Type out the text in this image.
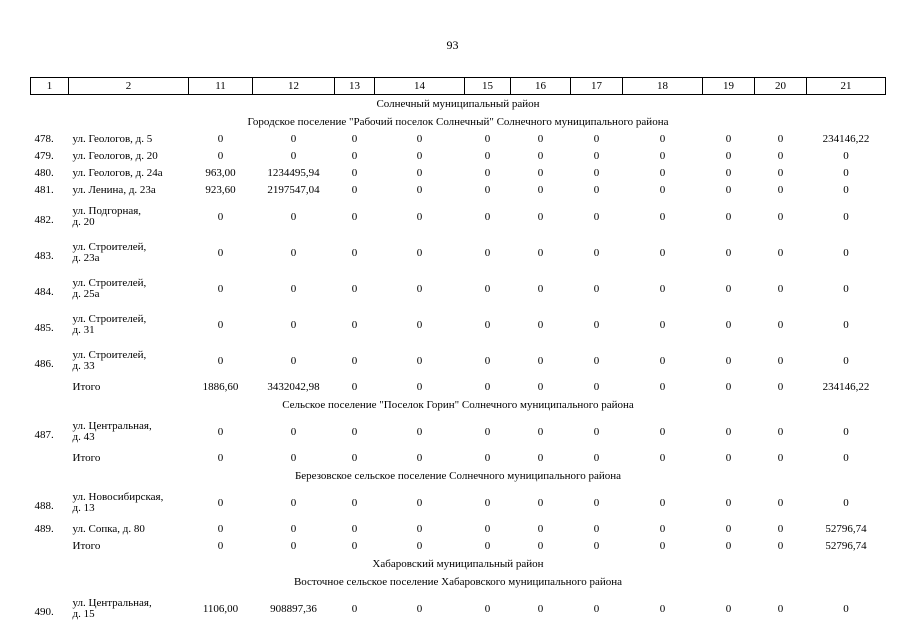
93
1	2	11	12	13	14	15	16	17	18	19	20	21
Солнечный муниципальный район												
Городское поселение "Рабочий поселок Солнечный" Солнечного муниципального района												
478.	ул. Геологов, д. 5	0	0	0	0	0	0	0	0	0	0	234146,22
479.	ул. Геологов, д. 20	0	0	0	0	0	0	0	0	0	0	0
480.	ул. Геологов, д. 24а	963,00	1234495,94	0	0	0	0	0	0	0	0	0
481.	ул. Ленина, д. 23а	923,60	2197547,04	0	0	0	0	0	0	0	0	0
482.	ул. Подгорная,
д. 20	0	0	0	0	0	0	0	0	0	0	0
483.	ул. Строителей,
д. 23а	0	0	0	0	0	0	0	0	0	0	0
484.	ул. Строителей,
д. 25а	0	0	0	0	0	0	0	0	0	0	0
485.	ул. Строителей,
д. 31	0	0	0	0	0	0	0	0	0	0	0
486.	ул. Строителей,
д. 33	0	0	0	0	0	0	0	0	0	0	0
	Итого	1886,60	3432042,98	0	0	0	0	0	0	0	0	234146,22
Сельское поселение "Поселок Горин" Солнечного муниципального района												
487.	ул. Центральная,
д. 43	0	0	0	0	0	0	0	0	0	0	0
	Итого	0	0	0	0	0	0	0	0	0	0	0
Березовское сельское поселение Солнечного муниципального района												
488.	ул. Новосибирская,
д. 13	0	0	0	0	0	0	0	0	0	0	0
489.	ул. Сопка, д. 80	0	0	0	0	0	0	0	0	0	0	52796,74
	Итого	0	0	0	0	0	0	0	0	0	0	52796,74
Хабаровский муниципальный район												
Восточное сельское поселение Хабаровского муниципального района												
490.	ул. Центральная,
д. 15	1106,00	908897,36	0	0	0	0	0	0	0	0	0
